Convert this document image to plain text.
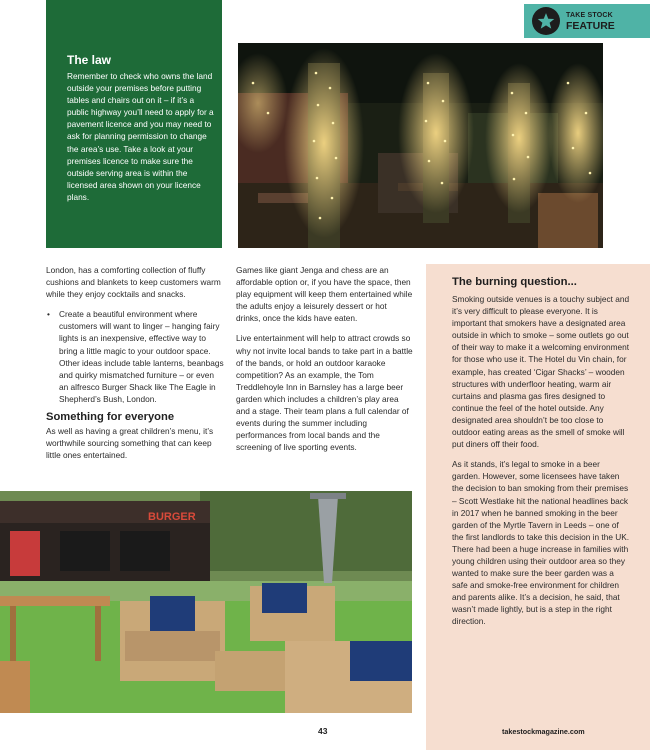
TAKE STOCK
FEATURE
The law

Remember to check who owns the land outside your premises before putting tables and chairs out on it – if it’s a public highway you’ll need to apply for a pavement licence and you may need to ask for planning permission to change the area’s use. Take a look at your premises licence to make sure the outside serving area is within the licensed area shown on your licence plans.

London, has a comforting collection of fluffy cushions and blankets to keep customers warm while they enjoy cocktails and snacks.

• Create a beautiful environment where customers will want to linger – hanging fairy lights is an inexpensive, effective way to bring a little magic to your outdoor space. Other ideas include table lanterns, beanbags and quirky mismatched furniture – or even an alfresco Burger Shack like The Eagle in Shepherd’s Bush, London.

Something for everyone

As well as having a great children’s menu, it’s worthwhile sourcing something that can keep little ones entertained.

Games like giant Jenga and chess are an affordable option or, if you have the space, then play equipment will keep them entertained while the adults enjoy a leisurely dessert or hot drinks, once the kids have eaten.

Live entertainment will help to attract crowds so why not invite local bands to take part in a battle of the bands, or hold an outdoor karaoke competition? As an example, the Tom Treddlehoyle Inn in Barnsley has a large beer garden which includes a children’s play area and a stage. Their team plans a full calendar of events during the summer including performances from local bands and the screening of live sporting events.

BURGER
The burning question...

Smoking outside venues is a touchy subject and it’s very difficult to please everyone. It is important that smokers have a designated area outside in which to smoke – some outlets go out of their way to make it a welcoming environment for those who use it. The Hotel du Vin chain, for example, has created ‘Cigar Shacks’ – wooden structures with underfloor heating, warm air curtains and plasma gas fires designed to continue the feel of the hotel outside. Any designated area shouldn’t be too close to outdoor eating areas as the smell of smoke will put diners off their food.

As it stands, it’s legal to smoke in a beer garden. However, some licensees have taken the decision to ban smoking from their premises – Scott Westlake hit the national headlines back in 2017 when he banned smoking in the beer garden of the Myrtle Tavern in Leeds – one of the first landlords to take this decision in the UK. There had been a huge increase in families with young children using their outdoor area so they wanted to make sure the beer garden was a safe and smoke-free environment for children and parents alike. It’s a decision, he said, that wasn’t made lightly, but is a step in the right direction.

43	takestockmagazine.com
